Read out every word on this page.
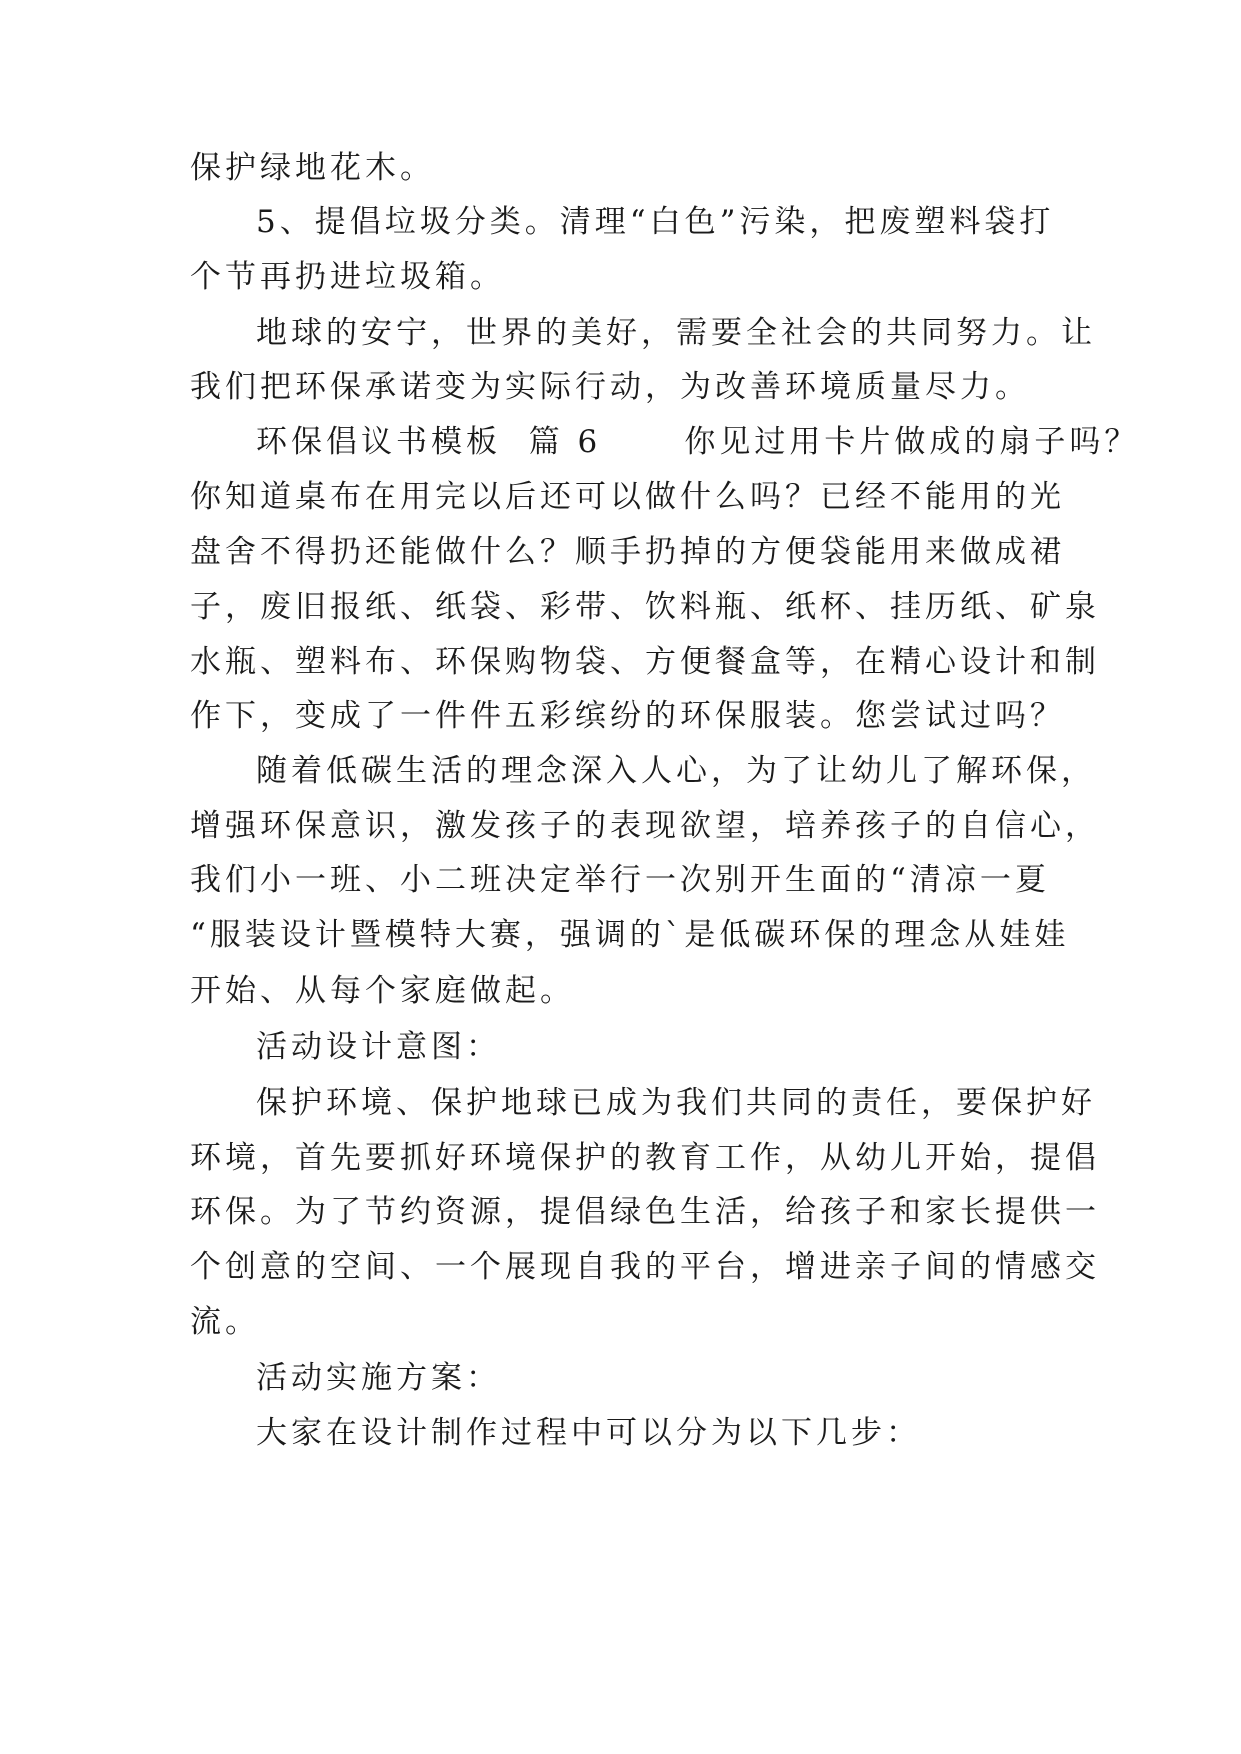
保护绿地花木。
5、提倡垃圾分类。清理“白色”污染，把废塑料袋打
个节再扔进垃圾箱。
地球的安宁，世界的美好，需要全社会的共同努力。让
我们把环保承诺变为实际行动，为改善环境质量尽力。
环保倡议书模板  篇 6      你见过用卡片做成的扇子吗？
你知道桌布在用完以后还可以做什么吗？已经不能用的光
盘舍不得扔还能做什么？顺手扔掉的方便袋能用来做成裙
子，废旧报纸、纸袋、彩带、饮料瓶、纸杯、挂历纸、矿泉
水瓶、塑料布、环保购物袋、方便餐盒等，在精心设计和制
作下，变成了一件件五彩缤纷的环保服装。您尝试过吗？
随着低碳生活的理念深入人心，为了让幼儿了解环保，
增强环保意识，激发孩子的表现欲望，培养孩子的自信心，
我们小一班、小二班决定举行一次别开生面的“清凉一夏
“服装设计暨模特大赛，强调的`是低碳环保的理念从娃娃
开始、从每个家庭做起。
活动设计意图：
保护环境、保护地球已成为我们共同的责任，要保护好
环境，首先要抓好环境保护的教育工作，从幼儿开始，提倡
环保。为了节约资源，提倡绿色生活，给孩子和家长提供一
个创意的空间、一个展现自我的平台，增进亲子间的情感交
流。
活动实施方案：
大家在设计制作过程中可以分为以下几步：
